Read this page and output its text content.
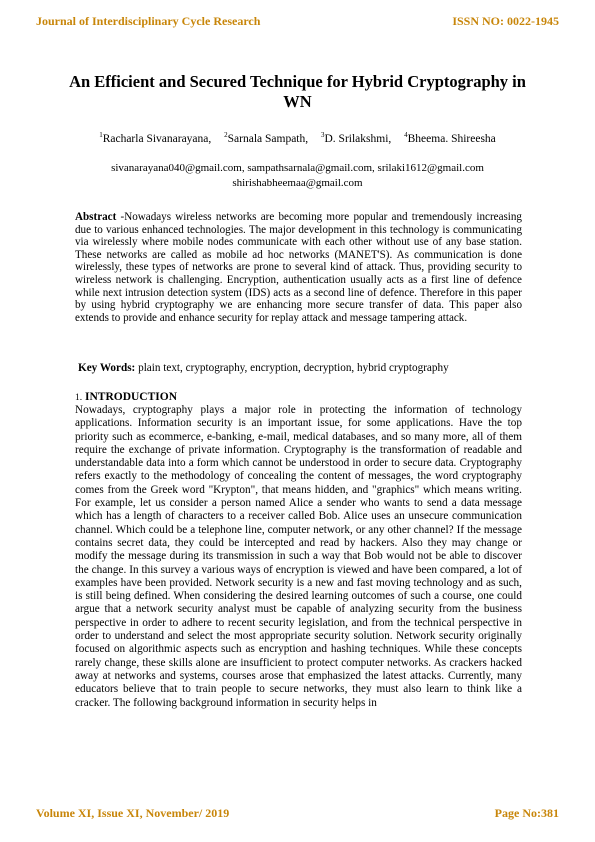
Journal of Interdisciplinary Cycle Research	ISSN NO: 0022-1945
An Efficient and Secured Technique for Hybrid Cryptography in WN
$^1$Racharla Sivanarayana, $^2$Sarnala Sampath, $^3$D. Srilakshmi, $^4$Bheema. Shireesha
sivanarayana040@gmail.com, sampathsarnala@gmail.com, srilaki1612@gmail.com
shirishabheemaa@gmail.com
Abstract -Nowadays wireless networks are becoming more popular and tremendously increasing due to various enhanced technologies. The major development in this technology is communicating via wirelessly where mobile nodes communicate with each other without use of any base station. These networks are called as mobile ad hoc networks (MANET'S). As communication is done wirelessly, these types of networks are prone to several kind of attack. Thus, providing security to wireless network is challenging. Encryption, authentication usually acts as a first line of defence while next intrusion detection system (IDS) acts as a second line of defence. Therefore in this paper by using hybrid cryptography we are enhancing more secure transfer of data. This paper also extends to provide and enhance security for replay attack and message tampering attack.
Key Words: plain text, cryptography, encryption, decryption, hybrid cryptography
1. INTRODUCTION
Nowadays, cryptography plays a major role in protecting the information of technology applications. Information security is an important issue, for some applications. Have the top priority such as ecommerce, e-banking, e-mail, medical databases, and so many more, all of them require the exchange of private information. Cryptography is the transformation of readable and understandable data into a form which cannot be understood in order to secure data. Cryptography refers exactly to the methodology of concealing the content of messages, the word cryptography comes from the Greek word "Krypton", that means hidden, and "graphics" which means writing. For example, let us consider a person named Alice a sender who wants to send a data message which has a length of characters to a receiver called Bob. Alice uses an unsecure communication channel. Which could be a telephone line, computer network, or any other channel? If the message contains secret data, they could be intercepted and read by hackers. Also they may change or modify the message during its transmission in such a way that Bob would not be able to discover the change. In this survey a various ways of encryption is viewed and have been compared, a lot of examples have been provided. Network security is a new and fast moving technology and as such, is still being defined. When considering the desired learning outcomes of such a course, one could argue that a network security analyst must be capable of analyzing security from the business perspective in order to adhere to recent security legislation, and from the technical perspective in order to understand and select the most appropriate security solution. Network security originally focused on algorithmic aspects such as encryption and hashing techniques. While these concepts rarely change, these skills alone are insufficient to protect computer networks. As crackers hacked away at networks and systems, courses arose that emphasized the latest attacks. Currently, many educators believe that to train people to secure networks, they must also learn to think like a cracker. The following background information in security helps in
Volume XI, Issue XI, November/ 2019	Page No:381
